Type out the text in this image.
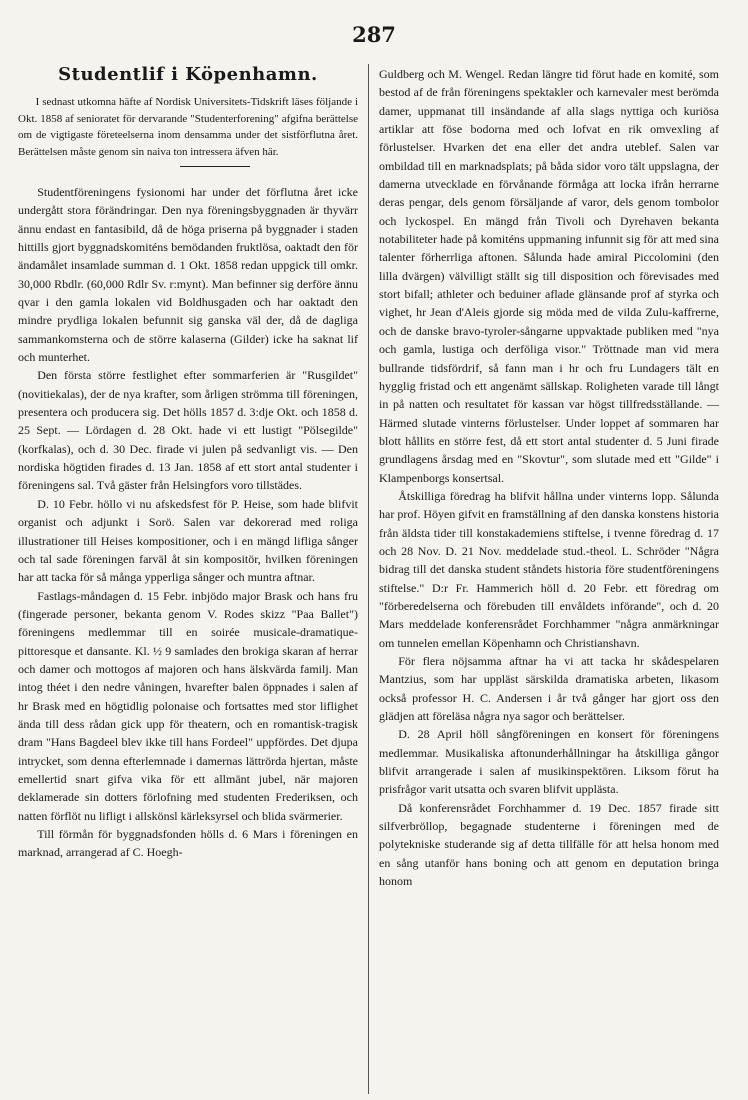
287
Studentlif i Köpenhamn.

I sednast utkomna häfte af Nordisk Universitets-Tidskrift läses följande i Okt. 1858 af senioratet för dervarande "Studenterforening" afgifna berättelse om de vigtigaste företeelserna inom densamma under det sistförflutna året. Berättelsen måste genom sin naiva ton intressera äfven här.

Studentföreningens fysionomi har under det förflutna året icke undergått stora förändringar. Den nya föreningsbyggnaden är thyvärr ännu endast en fantasibild, då de höga priserna på byggnader i staden hittills gjort byggnadskomiténs bemödanden fruktlösa, oaktadt den för ändamålet insamlade summan d. 1 Okt. 1858 redan uppgick till omkr. 30,000 Rbdlr. (60,000 Rdlr Sv. r:mynt). Man befinner sig derföre ännu qvar i den gamla lokalen vid Boldhusgaden och har oaktadt den mindre prydliga lokalen befunnit sig ganska väl der, då de dagliga sammankomsterna och de större kalaserna (Gilder) icke ha saknat lif och munterhet.

Den första större festlighet efter sommarferien är "Rusgildet" (novitiekalas), der de nya krafter, som årligen strömma till föreningen, presentera och producera sig. Det hölls 1857 d. 3:dje Okt. och 1858 d. 25 Sept. — Lördagen d. 28 Okt. hade vi ett lustigt "Pölsegilde" (korfkalas), och d. 30 Dec. firade vi julen på sedvanligt vis. — Den nordiska högtiden firades d. 13 Jan. 1858 af ett stort antal studenter i föreningens sal. Två gäster från Helsingfors voro tillstädes.

D. 10 Febr. höllo vi nu afskedsfest för P. Heise, som hade blifvit organist och adjunkt i Sorö. Salen var dekorerad med roliga illustrationer till Heises kompositioner, och i en mängd lifliga sånger och tal sade föreningen farväl åt sin kompositör, hvilken föreningen har att tacka för så många ypperliga sånger och muntra aftnar.

Fastlags-måndagen d. 15 Febr. inbjödo major Brask och hans fru (fingerade personer, bekanta genom V. Rodes skizz "Paa Ballet") föreningens medlemmar till en soirée musicale-dramatique-pittoresque et dansante. Kl. ½ 9 samlades den brokiga skaran af herrar och damer och mottogos af majoren och hans älskvärda familj. Man intog théet i den nedre våningen, hvarefter balen öppnades i salen af hr Brask med en högtidlig polonaise och fortsattes med stor liflighet ända till dess rådan gick upp för theatern, och en romantisk-tragisk dram "Hans Bagdeel blev ikke till hans Fordeel" uppfördes. Det djupa intrycket, som denna efterlemnade i damernas lättrörda hjertan, måste emellertid snart gifva vika för ett allmänt jubel, när majoren deklamerade sin dotters förlofning med studenten Frederiksen, och natten förflöt nu lifligt i allskönsl kärleksyrsel och blida svärmerier.

Till förmån för byggnadsfonden hölls d. 6 Mars i föreningen en marknad, arrangerad af C. Hoegh-

Guldberg och M. Wengel. Redan längre tid förut hade en komité, som bestod af de från föreningens spektakler och karnevaler mest berömda damer, uppmanat till insändande af alla slags nyttiga och kuriösa artiklar att föse bodorna med och lofvat en rik omvexling af förlustelser. Hvarken det ena eller det andra uteblef. Salen var ombildad till en marknadsplats; på båda sidor voro tält uppslagna, der damerna utvecklade en förvånande förmåga att locka ifrån herrarne deras pengar, dels genom försäljande af varor, dels genom tombolor och lyckospel. En mängd från Tivoli och Dyrehaven bekanta notabiliteter hade på komiténs uppmaning infunnit sig för att med sina talenter förherrliga aftonen. Sålunda hade amiral Piccolomini (den lilla dvärgen) välvilligt ställt sig till disposition och förevisades med stort bifall; athleter och beduiner aflade glänsande prof af styrka och vighet, hr Jean d'Aleis gjorde sig möda med de vilda Zulu-kaffrerne, och de danske bravo-tyroler-sångarne uppvaktade publiken med "nya och gamla, lustiga och derföliga visor." Tröttnade man vid mera bullrande tidsfördrif, så fann man i hr och fru Lundagers tält en hygglig fristad och ett angenämt sällskap. Roligheten varade till långt in på natten och resultatet för kassan var högst tillfredsställande. — Härmed slutade vinterns förlustelser. Under loppet af sommaren har blott hållits en större fest, då ett stort antal studenter d. 5 Juni firade grundlagens årsdag med en "Skovtur", som slutade med ett "Gilde" i Klampenborgs konsertsal.

Åtskilliga föredrag ha blifvit hållna under vinterns lopp. Sålunda har prof. Höyen gifvit en framställning af den danska konstens historia från äldsta tider till konstakademiens stiftelse, i tvenne föredrag d. 17 och 28 Nov. D. 21 Nov. meddelade stud.-theol. L. Schröder "Några bidrag till det danska student ståndets historia före studentföreningens stiftelse." D:r Fr. Hammerich höll d. 20 Febr. ett föredrag om "förberedelserna och förebuden till envåldets införande", och d. 20 Mars meddelade konferensrådet Forchhammer "några anmärkningar om tunnelen emellan Köpenhamn och Christianshavn.

För flera nöjsamma aftnar ha vi att tacka hr skådespelaren Mantzius, som har uppläst särskilda dramatiska arbeten, likasom också professor H. C. Andersen i år två gånger har gjort oss den glädjen att föreläsa några nya sagor och berättelser.

D. 28 April höll sångföreningen en konsert för föreningens medlemmar. Musikaliska aftonunderhållningar ha åtskilliga gångor blifvit arrangerade i salen af musikinspektören. Liksom förut ha prisfrågor varit utsatta och svaren blifvit upplästa.

Då konferensrådet Forchhammer d. 19 Dec. 1857 firade sitt silfverbröllop, begagnade studenterne i föreningen med de polytekniske studerande sig af detta tillfälle för att helsa honom med en sång utanför hans boning och att genom en deputation bringa honom
